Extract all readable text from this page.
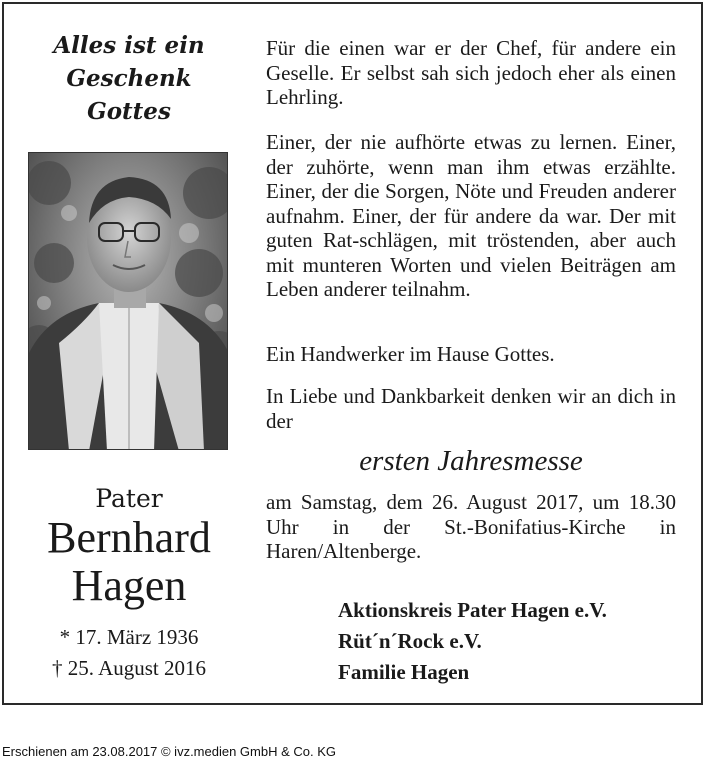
Alles ist ein
Geschenk
Gottes
Pater
Bernhard
Hagen
* 17. März 1936
† 25. August 2016
Für die einen war er der Chef, für andere ein Geselle. Er selbst sah sich jedoch eher als einen Lehrling.
Einer, der nie aufhörte etwas zu lernen. Einer, der zuhörte, wenn man ihm etwas erzählte. Einer, der die Sorgen, Nöte und Freuden anderer aufnahm. Einer, der für andere da war. Der mit guten Rat-schlägen, mit tröstenden, aber auch mit munteren Worten und vielen Beiträgen am Leben anderer teilnahm.
Ein Handwerker im Hause Gottes.
In Liebe und Dankbarkeit denken wir an dich in der
ersten Jahresmesse
am Samstag, dem 26. August 2017, um 18.30 Uhr in der St.-Bonifatius-Kirche in Haren/Altenberge.
Aktionskreis Pater Hagen e.V.
Rüt´n´Rock e.V.
Familie Hagen
Erschienen am 23.08.2017 © ivz.medien GmbH & Co. KG
